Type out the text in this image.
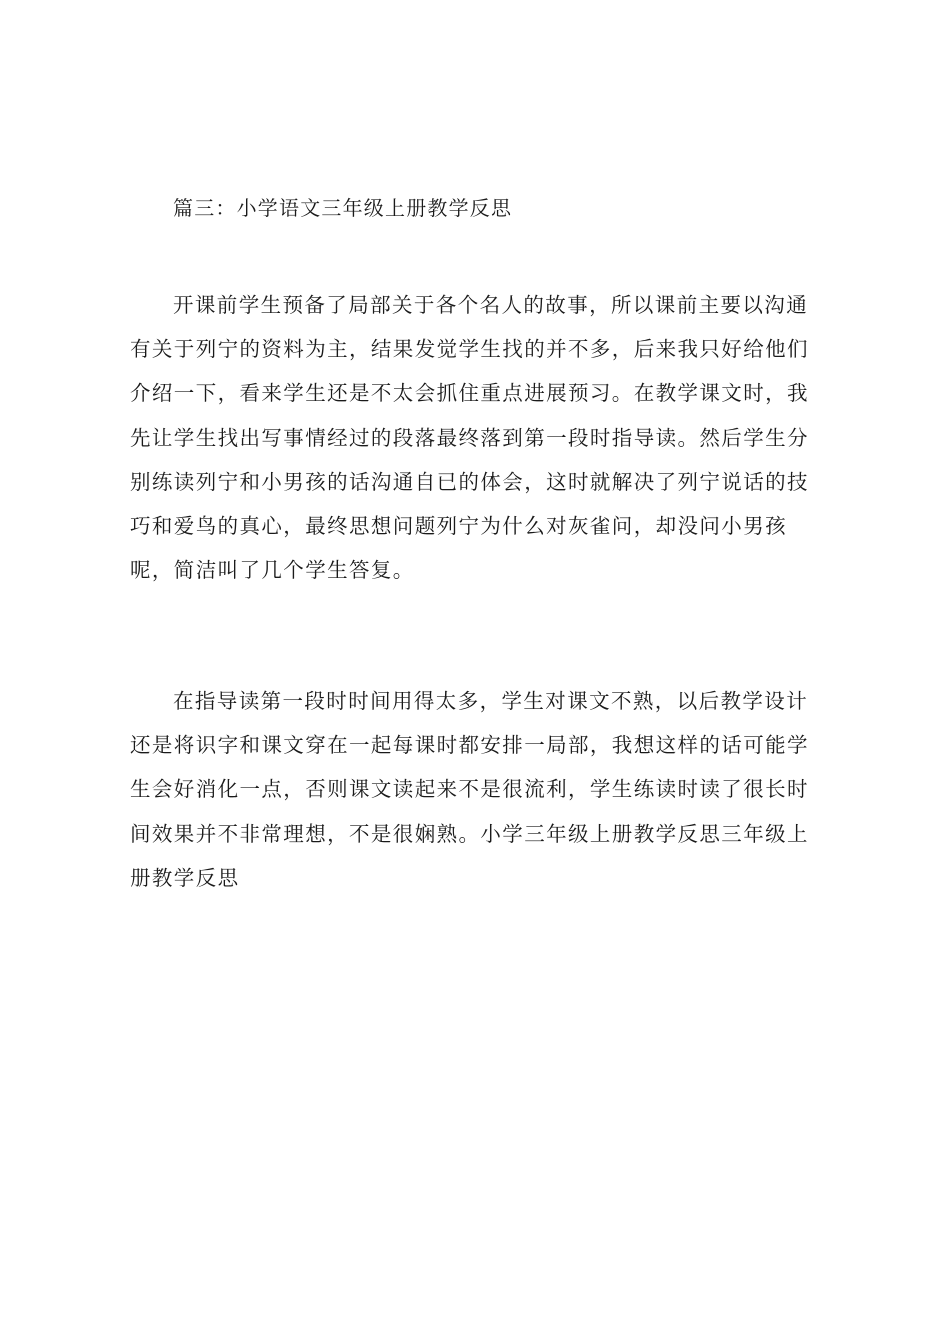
篇三：小学语文三年级上册教学反思
开课前学生预备了局部关于各个名人的故事，所以课前主要以沟通
有关于列宁的资料为主，结果发觉学生找的并不多，后来我只好给他们
介绍一下，看来学生还是不太会抓住重点进展预习。在教学课文时，我
先让学生找出写事情经过的段落最终落到第一段时指导读。然后学生分
别练读列宁和小男孩的话沟通自已的体会，这时就解决了列宁说话的技
巧和爱鸟的真心，最终思想问题列宁为什么对灰雀问，却没问小男孩
呢，简洁叫了几个学生答复。
在指导读第一段时时间用得太多，学生对课文不熟，以后教学设计
还是将识字和课文穿在一起每课时都安排一局部，我想这样的话可能学
生会好消化一点，否则课文读起来不是很流利，学生练读时读了很长时
间效果并不非常理想，不是很娴熟。小学三年级上册教学反思三年级上
册教学反思
